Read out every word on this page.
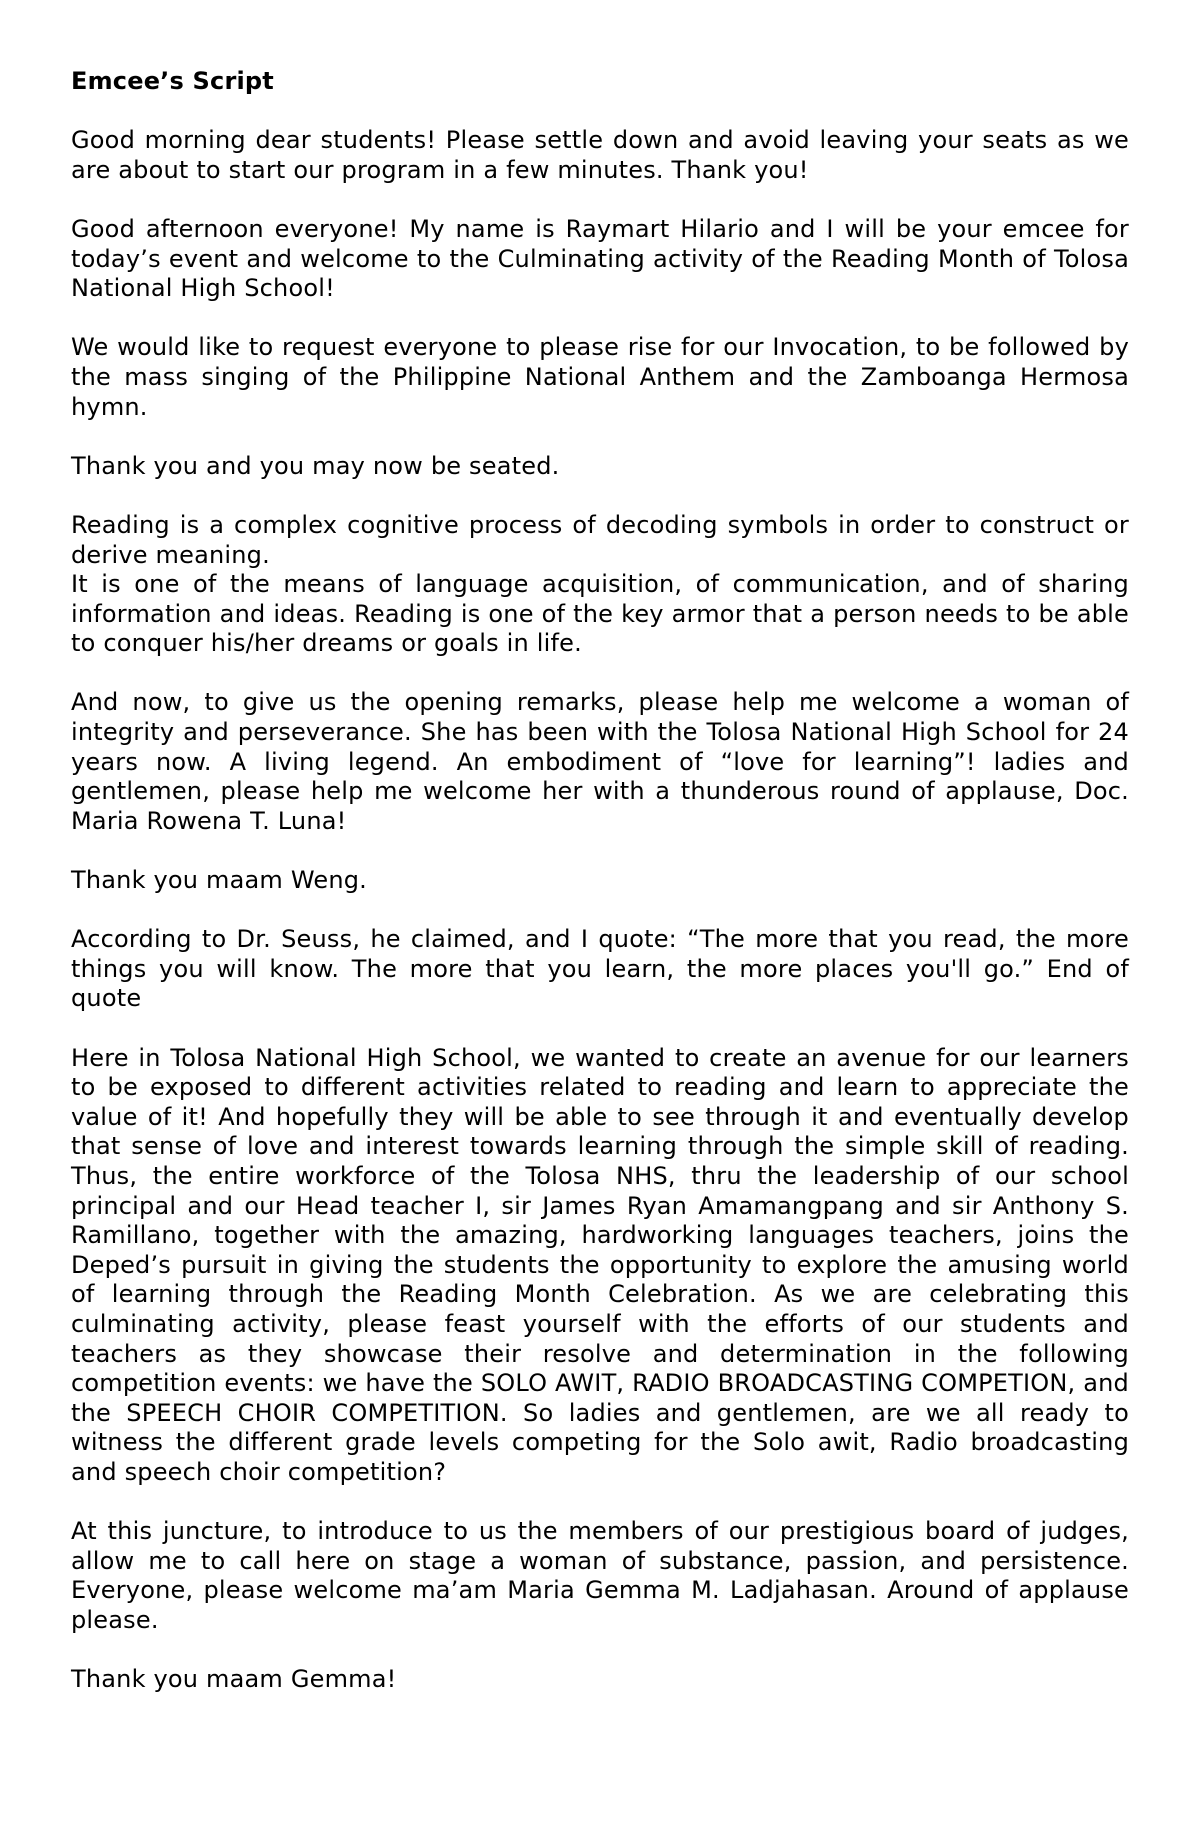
Emcee’s Script

Good morning dear students! Please settle down and avoid leaving your seats as we are about to start our program in a few minutes. Thank you!

Good afternoon everyone! My name is Raymart Hilario and I will be your emcee for today’s event and welcome to the Culminating activity of the Reading Month of Tolosa National High School!

We would like to request everyone to please rise for our Invocation, to be followed by the mass singing of the Philippine National Anthem and the Zamboanga Hermosa hymn.

Thank you and you may now be seated.

Reading is a complex cognitive process of decoding symbols in order to construct or derive meaning.

It is one of the means of language acquisition, of communication, and of sharing information and ideas. Reading is one of the key armor that a person needs to be able to conquer his/her dreams or goals in life.

And now, to give us the opening remarks, please help me welcome a woman of integrity and perseverance. She has been with the Tolosa National High School for 24 years now. A living legend. An embodiment of “love for learning”! ladies and gentlemen, please help me welcome her with a thunderous round of applause, Doc. Maria Rowena T. Luna!

Thank you maam Weng.

According to Dr. Seuss, he claimed, and I quote: “The more that you read, the more things you will know. The more that you learn, the more places you'll go.” End of quote

Here in Tolosa National High School, we wanted to create an avenue for our learners to be exposed to different activities related to reading and learn to appreciate the value of it! And hopefully they will be able to see through it and eventually develop that sense of love and interest towards learning through the simple skill of reading. Thus, the entire workforce of the Tolosa NHS, thru the leadership of our school principal and our Head teacher I, sir James Ryan Amamangpang and sir Anthony S. Ramillano, together with the amazing, hardworking languages teachers, joins the Deped’s pursuit in giving the students the opportunity to explore the amusing world of learning through the Reading Month Celebration. As we are celebrating this culminating activity, please feast yourself with the efforts of our students and teachers as they showcase their resolve and determination in the following competition events: we have the SOLO AWIT, RADIO BROADCASTING COMPETION, and the SPEECH CHOIR COMPETITION. So ladies and gentlemen, are we all ready to witness the different grade levels competing for the Solo awit, Radio broadcasting and speech choir competition?

At this juncture, to introduce to us the members of our prestigious board of judges, allow me to call here on stage a woman of substance, passion, and persistence. Everyone, please welcome ma’am Maria Gemma M. Ladjahasan. Around of applause please.

Thank you maam Gemma!
